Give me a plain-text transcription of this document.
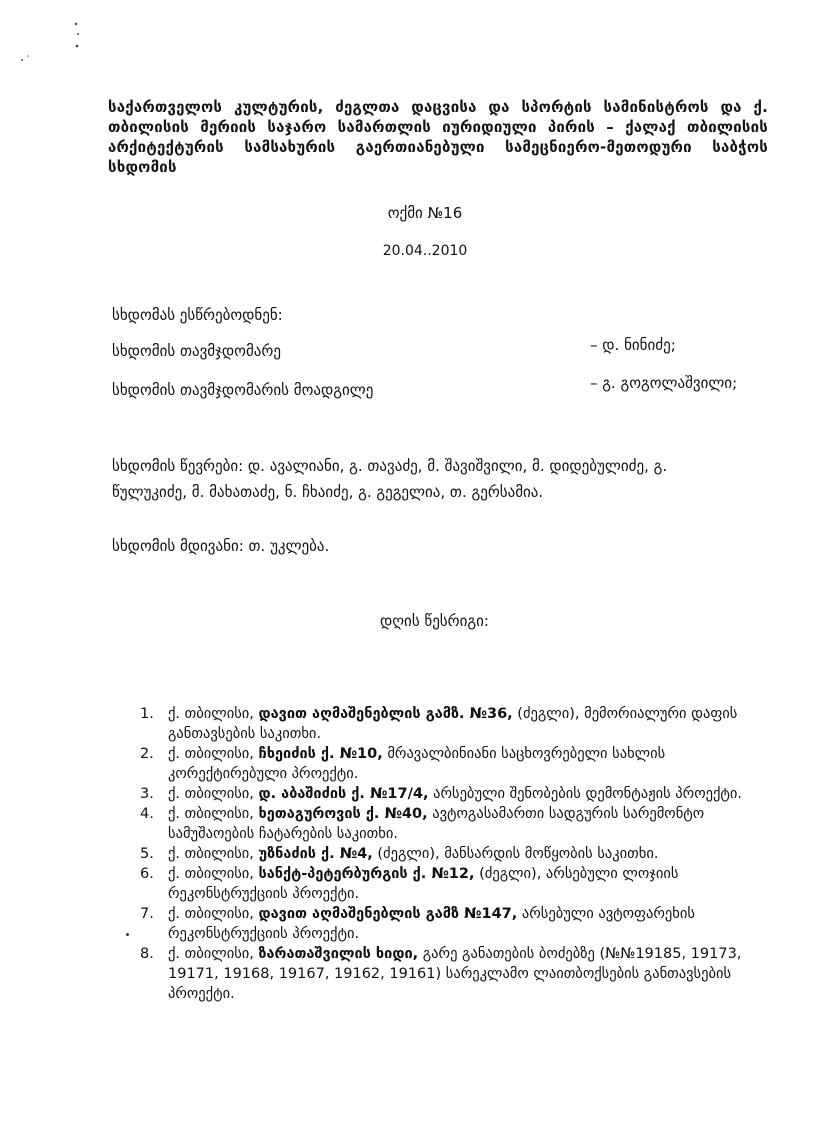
საქართველოს კულტურის, ძეგლთა დაცვისა და სპორტის სამინისტროს და ქ. თბილისის მერიის საჯარო სამართლის იურიდიული პირის – ქალაქ თბილისის არქიტექტურის სამსახურის გაერთიანებული სამეცნიერო-მეთოდური საბჭოს სხდომის
ოქმი №16
20.04..2010
სხდომას ესწრებოდნენ:
სხდომის თავმჯდომარე	– დ. ნინიძე;
სხდომის თავმჯდომარის მოადგილე	– გ. გოგოლაშვილი;
სხდომის წევრები: დ. ავალიანი, გ. თავაძე, მ. შავიშვილი, მ. დიდებულიძე, გ. წულუკიძე, მ. მახათაძე, ნ. ჩხაიძე, გ. გეგელია, თ. გერსამია.
სხდომის მდივანი: თ. უკლება.
დღის წესრიგი:
1. ქ. თბილისი, დავით აღმაშენებლის გამზ. №36, (ძეგლი), მემორიალური დაფის განთავსების საკითხი.
2. ქ. თბილისი, ჩხეიძის ქ. №10, მრავალბინიანი საცხოვრებელი სახლის კორექტირებული პროექტი.
3. ქ. თბილისი, დ. აბაშიძის ქ. №17/4, არსებული შენობების დემონტაჟის პროექტი.
4. ქ. თბილისი, ხეთაგუროვის ქ. №40, ავტოგასამართი სადგურის სარემონტო სამუშაოების ჩატარების საკითხი.
5. ქ. თბილისი, უზნაძის ქ. №4, (ძეგლი), მანსარდის მოწყობის საკითხი.
6. ქ. თბილისი, სანქტ-პეტერბურგის ქ. №12, (ძეგლი), არსებული ლოჯიის რეკონსტრუქციის პროექტი.
7. ქ. თბილისი, დავით აღმაშენებლის გამზ №147, არსებული ავტოფარეხის რეკონსტრუქციის პროექტი.
8. ქ. თბილისი, ზარათაშვილის ხიდი, გარე განათების ბოძებზე (№№19185, 19173, 19171, 19168, 19167, 19162, 19161) სარეკლამო ლაითბოქსების განთავსების პროექტი.
